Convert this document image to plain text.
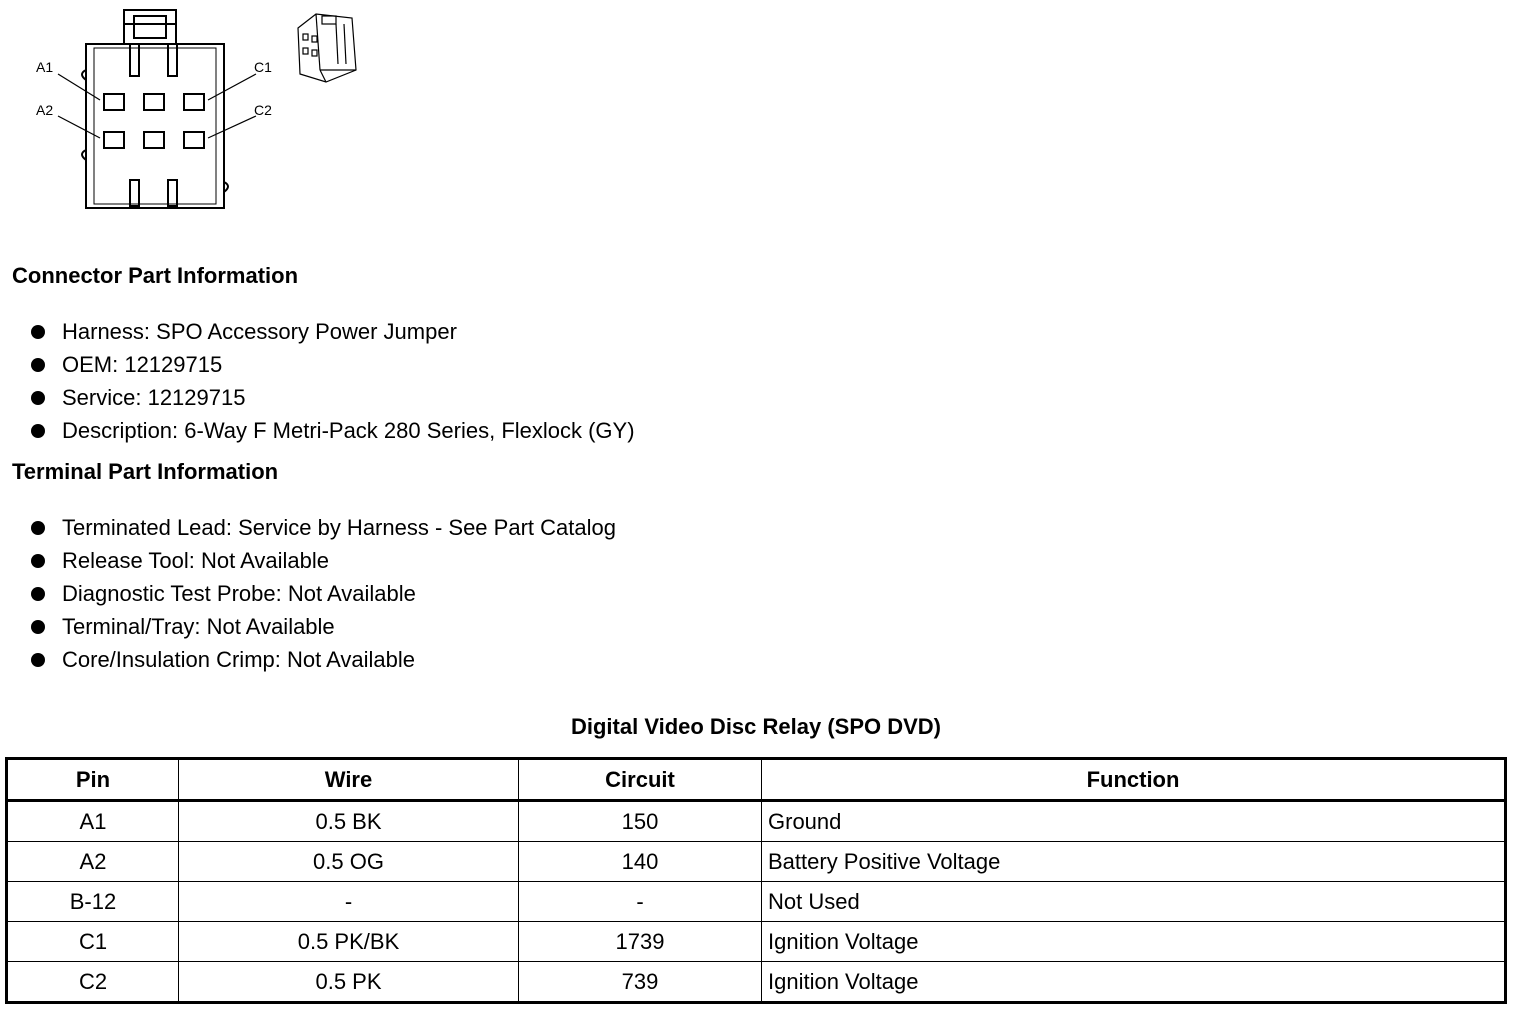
A1
A2
C1
C2
Connector Part Information
Harness: SPO Accessory Power Jumper
OEM: 12129715
Service: 12129715
Description: 6-Way F Metri-Pack 280 Series, Flexlock (GY)
Terminal Part Information
Terminated Lead: Service by Harness - See Part Catalog
Release Tool: Not Available
Diagnostic Test Probe: Not Available
Terminal/Tray: Not Available
Core/Insulation Crimp: Not Available
Digital Video Disc Relay (SPO DVD)
Pin	Wire	Circuit	Function
A1	0.5 BK	150	Ground
A2	0.5 OG	140	Battery Positive Voltage
B-12	-	-	Not Used
C1	0.5 PK/BK	1739	Ignition Voltage
C2	0.5 PK	739	Ignition Voltage
